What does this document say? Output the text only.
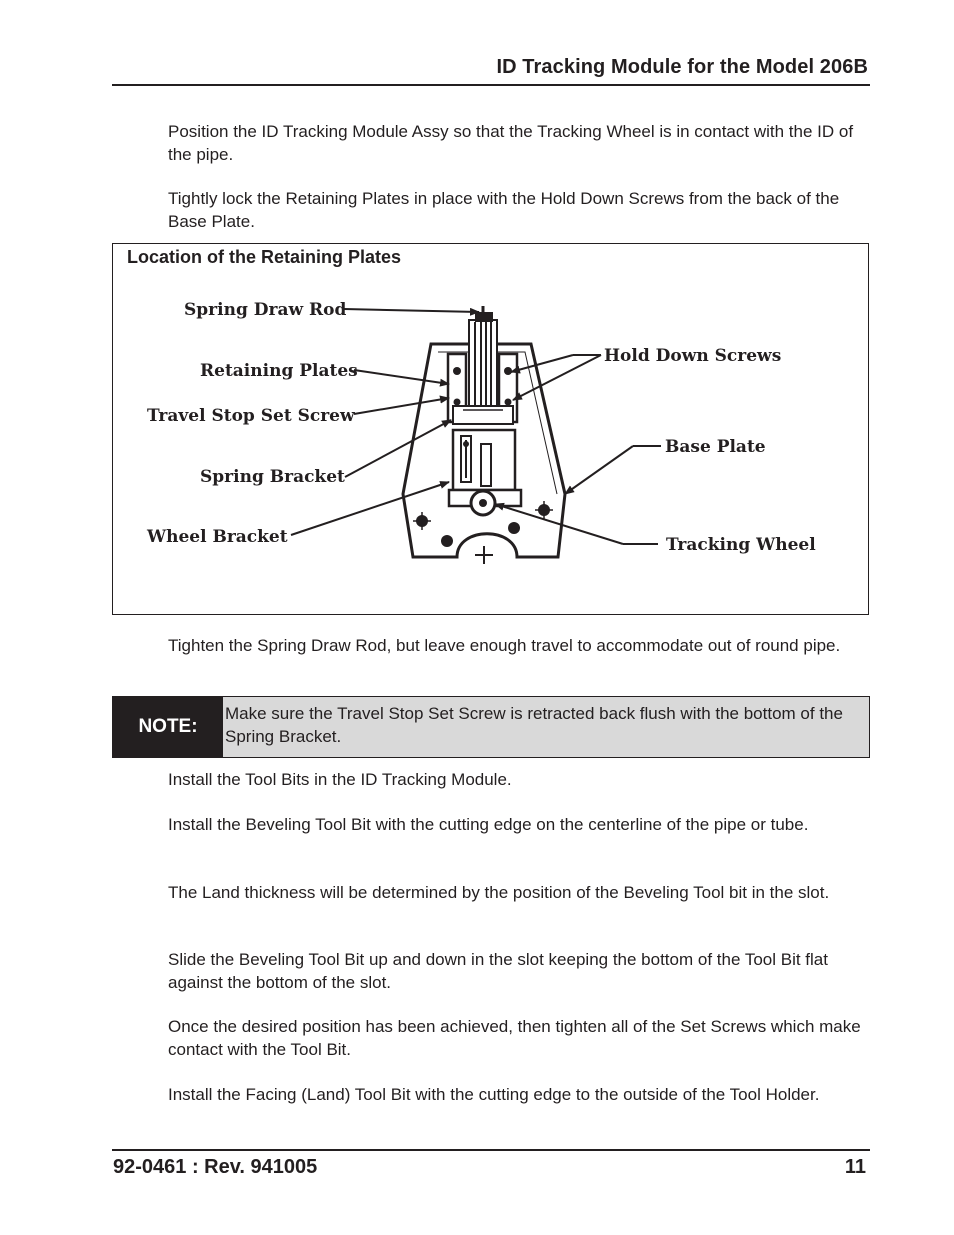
ID Tracking Module for the Model 206B

Position the ID Tracking Module Assy so that the Tracking Wheel is in contact with the ID of the pipe.

Tightly lock the Retaining Plates in place with the Hold Down Screws from the back of the Base Plate.

Location of the Retaining Plates
Spring Draw Rod
Retaining Plates
Travel Stop Set Screw
Spring Bracket
Wheel Bracket
Hold Down Screws
Base Plate
Tracking Wheel

Tighten the Spring Draw Rod, but leave enough travel to accommodate out of round pipe.

NOTE:
Make sure the Travel Stop Set Screw is retracted back flush with the bottom of the Spring Bracket.

Install the Tool Bits in the ID Tracking Module.

Install the Beveling Tool Bit with the cutting edge on the centerline of the pipe or tube.

The Land thickness will be determined by the position of the Beveling Tool bit in the slot.

Slide the Beveling Tool Bit up and down in the slot keeping the bottom of the Tool Bit flat against the bottom of the slot.

Once the desired position has been achieved, then tighten all of the Set Screws which make contact with the Tool Bit.

Install the Facing (Land) Tool Bit with the cutting edge to the outside of the Tool Holder.

92-0461 : Rev. 941005	11
